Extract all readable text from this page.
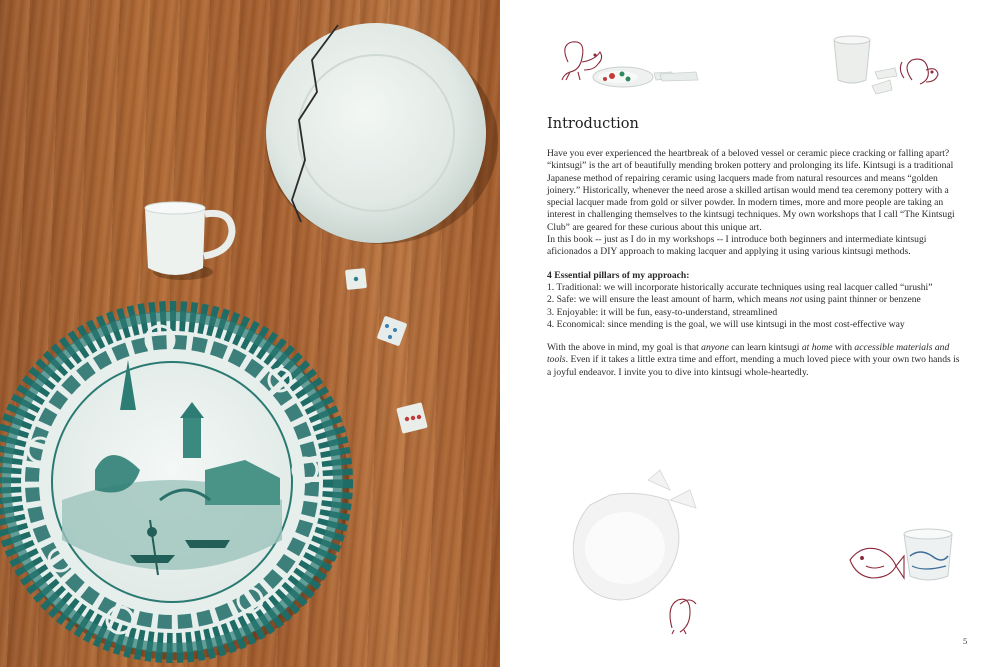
Introduction

Have you ever experienced the heartbreak of a beloved vessel or ceramic piece cracking or falling apart? “kintsugi” is the art of beautifully mending broken pottery and prolonging its life. Kintsugi is a traditional Japanese method of repairing ceramic using lacquers made from natural resources and means “golden joinery.” Historically, whenever the need arose a skilled artisan would mend tea ceremony pottery with a special lacquer made from gold or silver powder. In modern times, more and more people are taking an interest in challenging themselves to the kintsugi techniques. My own workshops that I call “The Kintsugi Club” are geared for these curious about this unique art.

In this book -- just as I do in my workshops -- I introduce both beginners and intermediate kintsugi aficionados a DIY approach to making lacquer and applying it using various kintsugi methods.

4 Essential pillars of my approach:

1. Traditional: we will incorporate historically accurate techniques using real lacquer called “urushi”
2. Safe: we will ensure the least amount of harm, which means not using paint thinner or benzene
3. Enjoyable: it will be fun, easy-to-understand, streamlined
4. Economical: since mending is the goal, we will use kintsugi in the most cost-effective way

With the above in mind, my goal is that anyone can learn kintsugi at home with accessible materials and tools. Even if it takes a little extra time and effort, mending a much loved piece with your own two hands is a joyful endeavor. I invite you to dive into kintsugi whole-heartedly.

5
